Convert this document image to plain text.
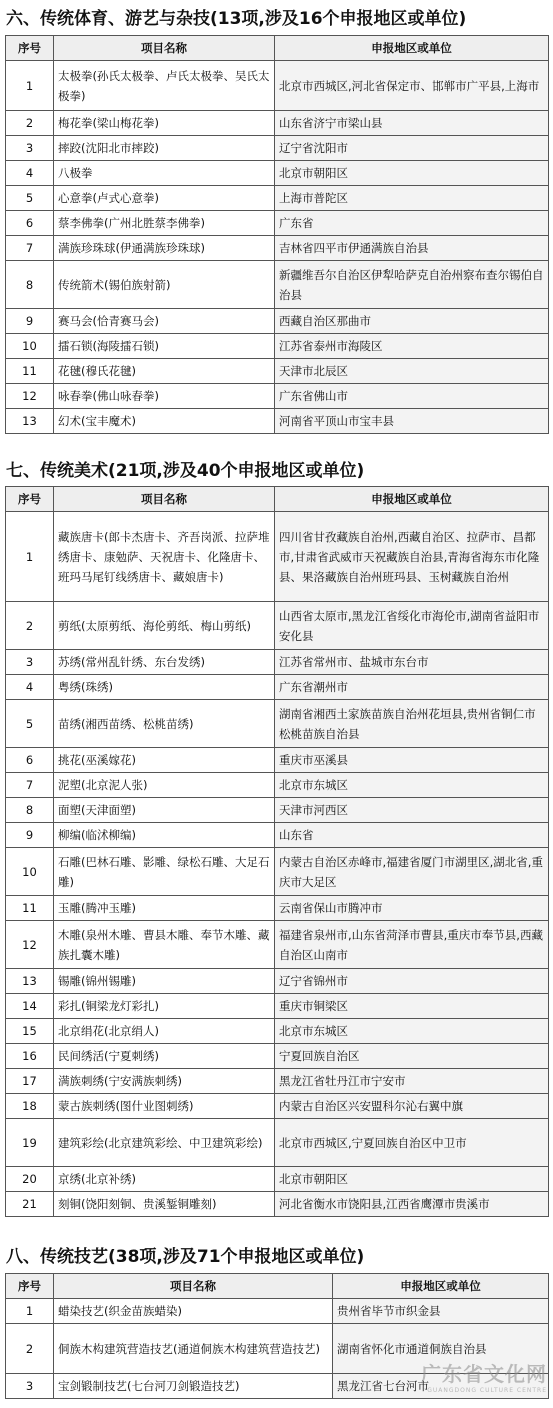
序号	项目名称	申报地区或单位
1	太极拳(孙氏太极拳、卢氏太极拳、吴氏太极拳)	北京市西城区,河北省保定市、邯郸市广平县,上海市
2	梅花拳(梁山梅花拳)	山东省济宁市梁山县
3	摔跤(沈阳北市摔跤)	辽宁省沈阳市
4	八极拳	北京市朝阳区
5	心意拳(卢式心意拳)	上海市普陀区
6	蔡李佛拳(广州北胜蔡李佛拳)	广东省
7	满族珍珠球(伊通满族珍珠球)	吉林省四平市伊通满族自治县
8	传统箭术(锡伯族射箭)	新疆维吾尔自治区伊犁哈萨克自治州察布查尔锡伯自治县
9	赛马会(恰青赛马会)	西藏自治区那曲市
10	擂石锁(海陵擂石锁)	江苏省泰州市海陵区
11	花毽(穆氏花毽)	天津市北辰区
12	咏春拳(佛山咏春拳)	广东省佛山市
13	幻术(宝丰魔术)	河南省平顶山市宝丰县
序号	项目名称	申报地区或单位
1	藏族唐卡(郎卡杰唐卡、齐吾岗派、拉萨堆绣唐卡、康勉萨、天祝唐卡、化隆唐卡、班玛马尾钉线绣唐卡、藏娘唐卡)	四川省甘孜藏族自治州,西藏自治区、拉萨市、昌都市,甘肃省武威市天祝藏族自治县,青海省海东市化隆县、果洛藏族自治州班玛县、玉树藏族自治州
2	剪纸(太原剪纸、海伦剪纸、梅山剪纸)	山西省太原市,黑龙江省绥化市海伦市,湖南省益阳市安化县
3	苏绣(常州乱针绣、东台发绣)	江苏省常州市、盐城市东台市
4	粤绣(珠绣)	广东省潮州市
5	苗绣(湘西苗绣、松桃苗绣)	湖南省湘西土家族苗族自治州花垣县,贵州省铜仁市松桃苗族自治县
6	挑花(巫溪嫁花)	重庆市巫溪县
7	泥塑(北京泥人张)	北京市东城区
8	面塑(天津面塑)	天津市河西区
9	柳编(临沭柳编)	山东省
10	石雕(巴林石雕、影雕、绿松石雕、大足石雕)	内蒙古自治区赤峰市,福建省厦门市湖里区,湖北省,重庆市大足区
11	玉雕(腾冲玉雕)	云南省保山市腾冲市
12	木雕(泉州木雕、曹县木雕、奉节木雕、藏族扎囊木雕)	福建省泉州市,山东省菏泽市曹县,重庆市奉节县,西藏自治区山南市
13	锡雕(锦州锡雕)	辽宁省锦州市
14	彩扎(铜梁龙灯彩扎)	重庆市铜梁区
15	北京绢花(北京绢人)	北京市东城区
16	民间绣活(宁夏刺绣)	宁夏回族自治区
17	满族刺绣(宁安满族刺绣)	黑龙江省牡丹江市宁安市
18	蒙古族刺绣(图什业图刺绣)	内蒙古自治区兴安盟科尔沁右翼中旗
19	建筑彩绘(北京建筑彩绘、中卫建筑彩绘)	北京市西城区,宁夏回族自治区中卫市
20	京绣(北京补绣)	北京市朝阳区
21	刻铜(饶阳刻铜、贵溪錾铜雕刻)	河北省衡水市饶阳县,江西省鹰潭市贵溪市
序号	项目名称	申报地区或单位
1	蜡染技艺(织金苗族蜡染)	贵州省毕节市织金县
2	侗族木构建筑营造技艺(通道侗族木构建筑营造技艺)	湖南省怀化市通道侗族自治县
3	宝剑锻制技艺(七台河刀剑锻造技艺)	黑龙江省七台河市
广东省文化网
GUANGDONG CULTURE CENTRE
六、传统体育、游艺与杂技(13项,涉及16个申报地区或单位)
七、传统美术(21项,涉及40个申报地区或单位)
八、传统技艺(38项,涉及71个申报地区或单位)
